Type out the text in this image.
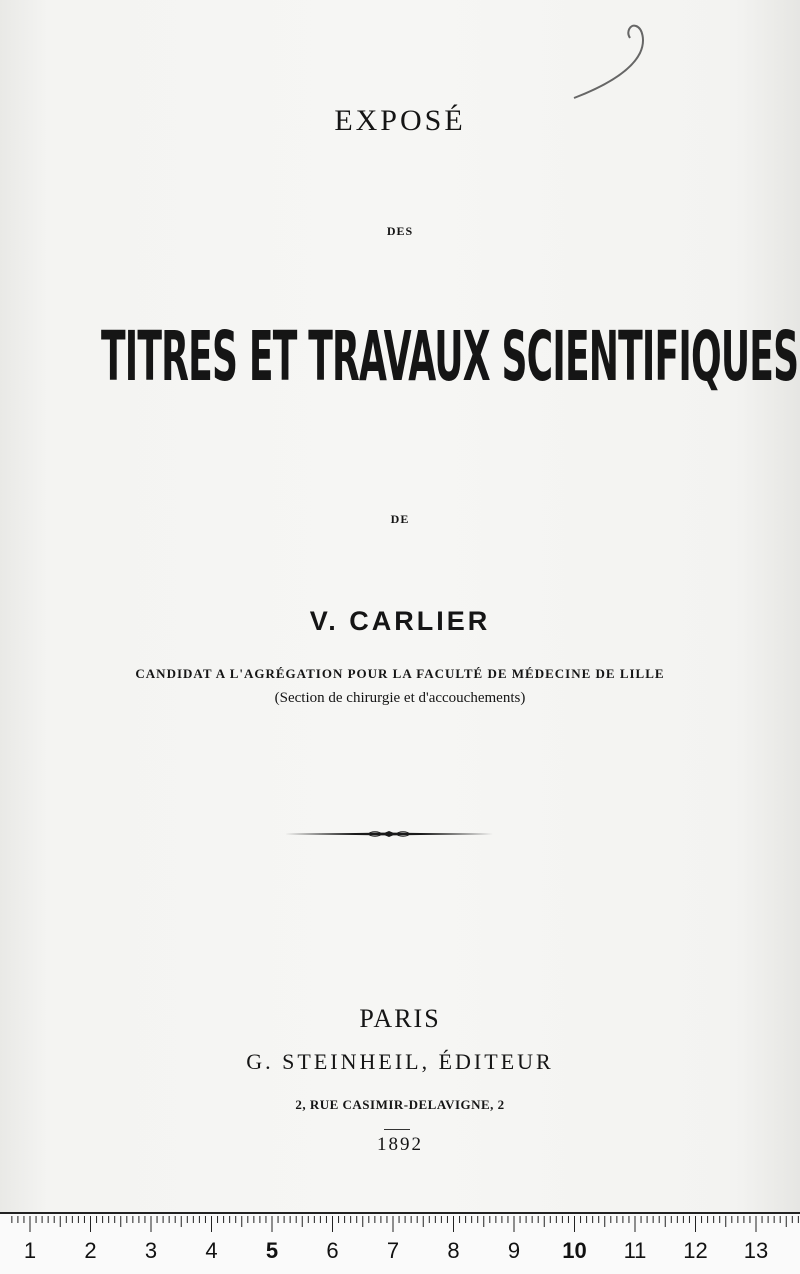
EXPOSÉ
DES
TITRES ET TRAVAUX SCIENTIFIQUES
DE
V. CARLIER
CANDIDAT A L'AGRÉGATION POUR LA FACULTÉ DE MÉDECINE DE LILLE
(Section de chirurgie et d'accouchements)
PARIS
G. STEINHEIL, ÉDITEUR
2, RUE CASIMIR-DELAVIGNE, 2
1892
1 2 3 4 5 6 7 8 9 10 11 12 13
